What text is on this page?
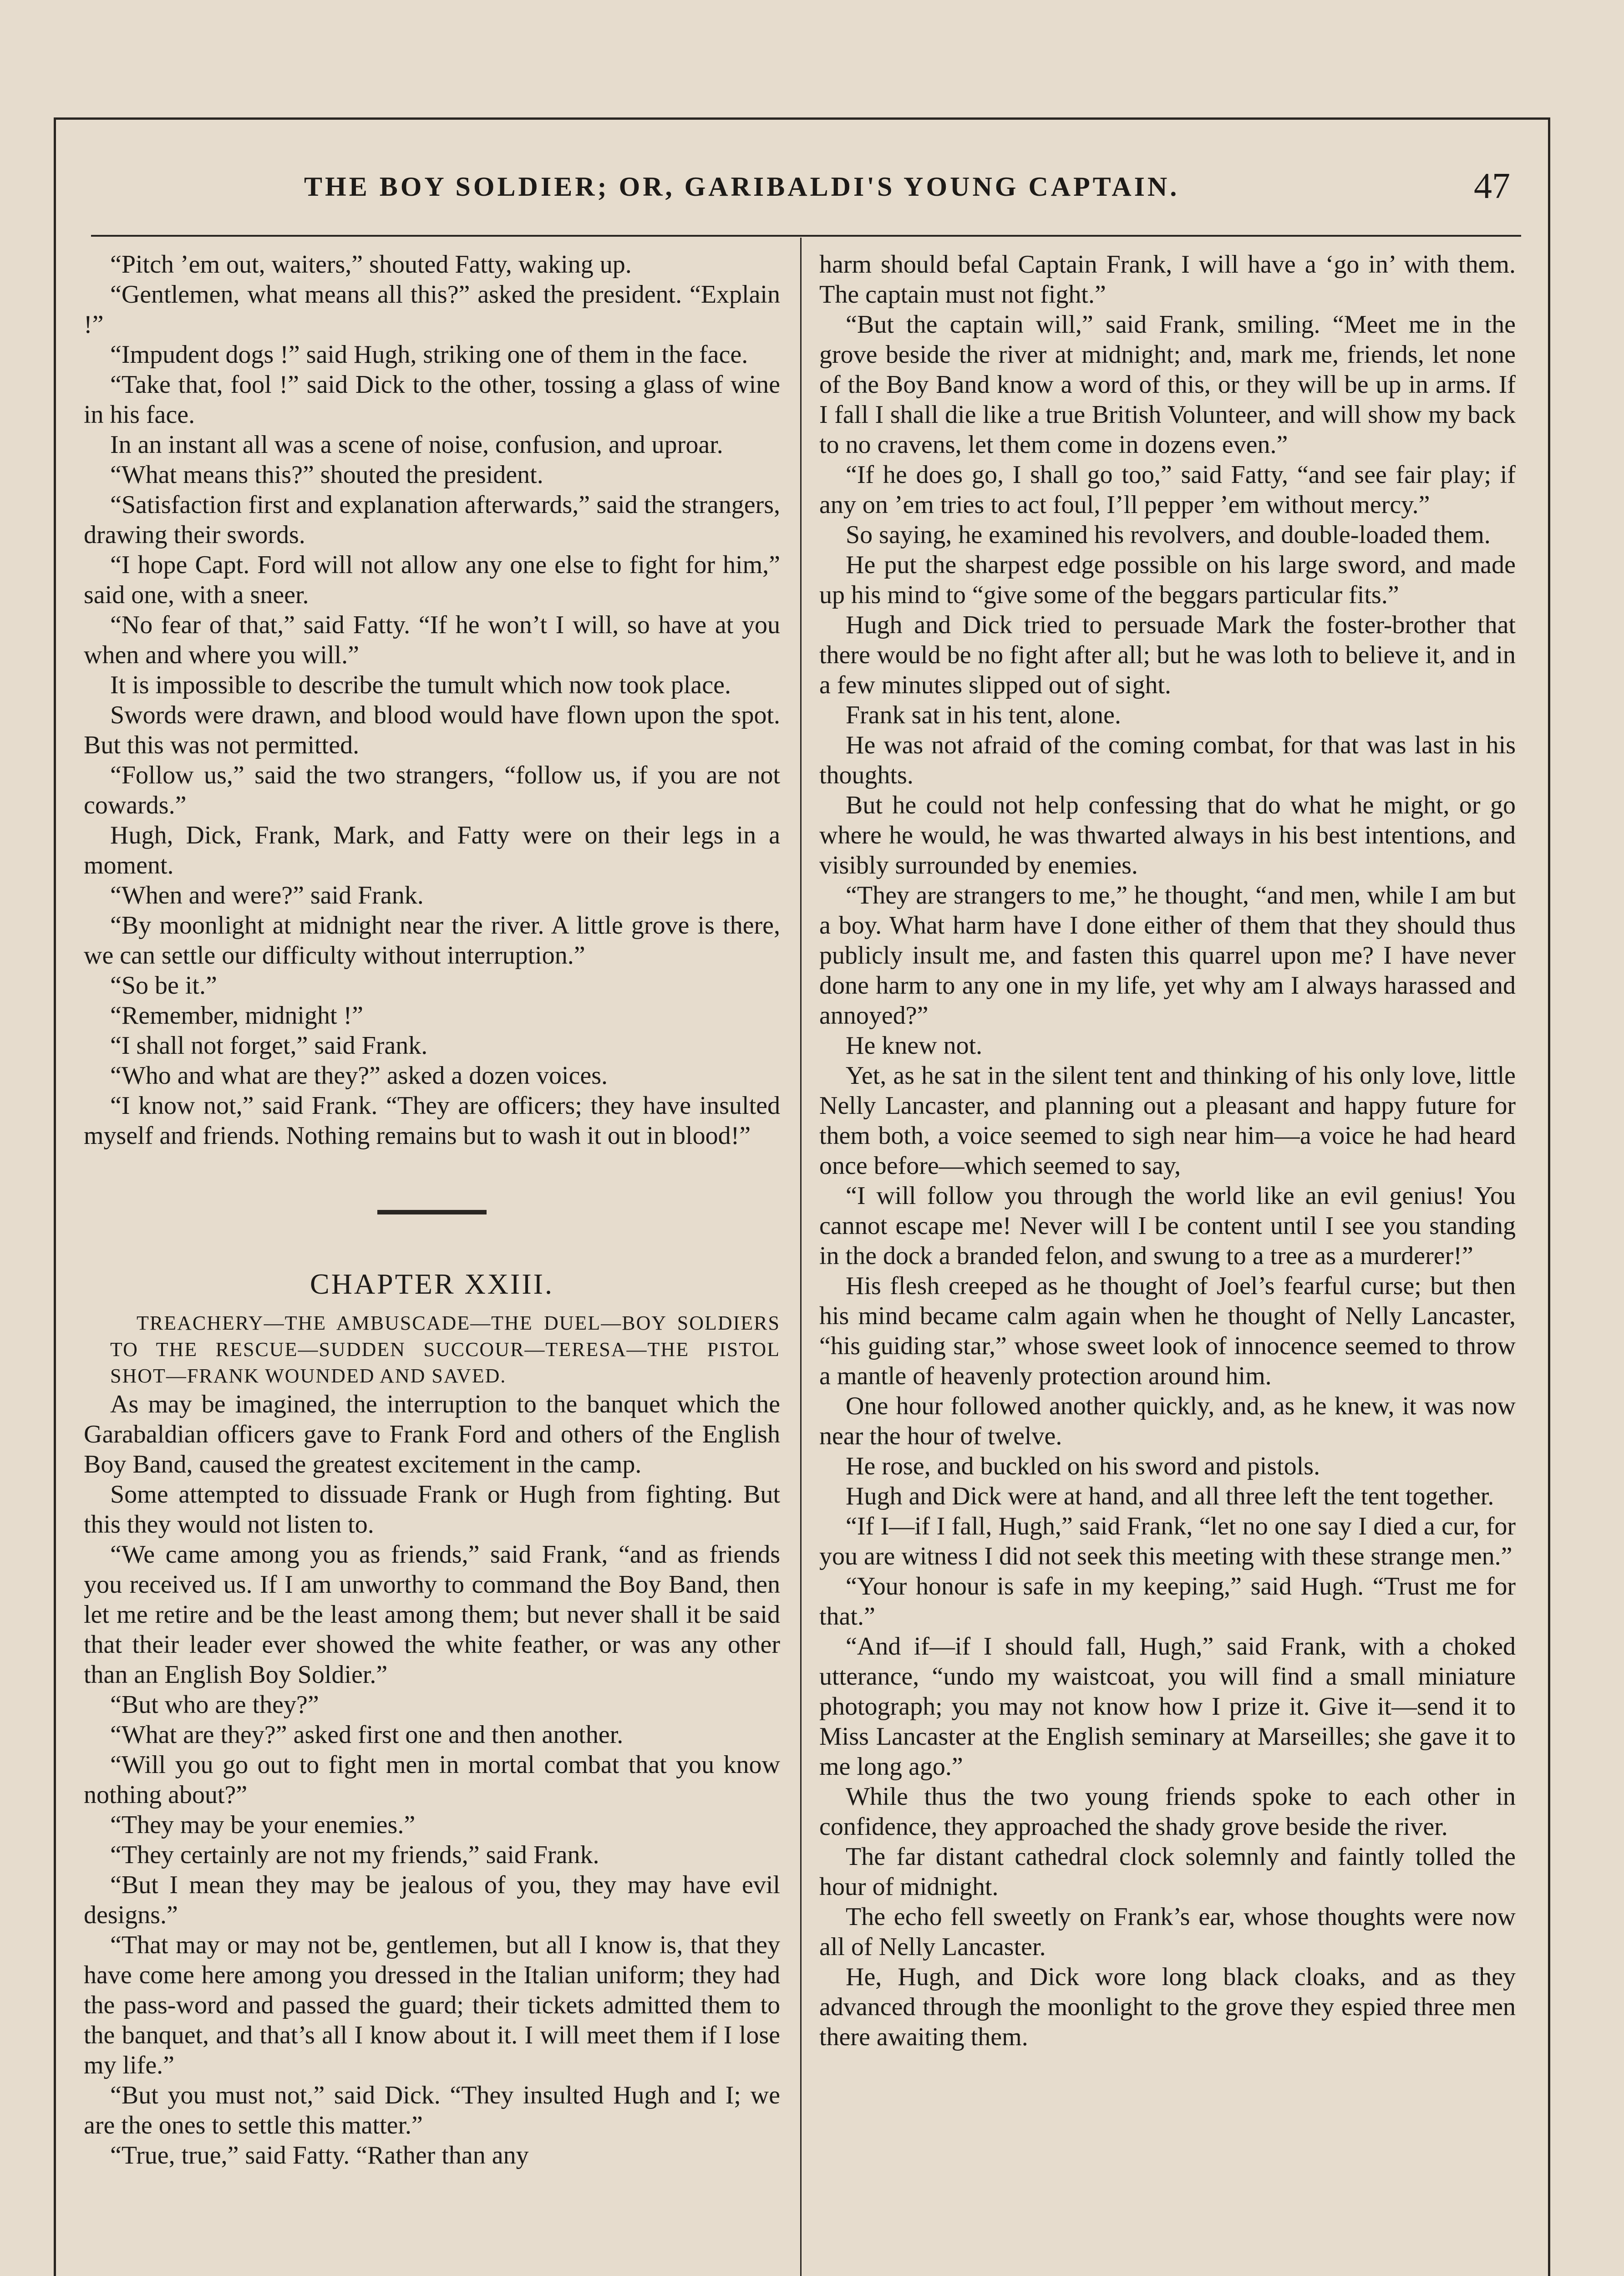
THE BOY SOLDIER; OR, GARIBALDI'S YOUNG CAPTAIN.	47

“Pitch ’em out, waiters,” shouted Fatty, waking up.

“Gentlemen, what means all this?” asked the president. “Explain !”

“Impudent dogs !” said Hugh, striking one of them in the face.

“Take that, fool !” said Dick to the other, tossing a glass of wine in his face.

In an instant all was a scene of noise, confusion, and uproar.

“What means this?” shouted the president.

“Satisfaction first and explanation afterwards,” said the strangers, drawing their swords.

“I hope Capt. Ford will not allow any one else to fight for him,” said one, with a sneer.

“No fear of that,” said Fatty. “If he won’t I will, so have at you when and where you will.”

It is impossible to describe the tumult which now took place.

Swords were drawn, and blood would have flown upon the spot. But this was not permitted.

“Follow us,” said the two strangers, “follow us, if you are not cowards.”

Hugh, Dick, Frank, Mark, and Fatty were on their legs in a moment.

“When and were?” said Frank.

“By moonlight at midnight near the river. A little grove is there, we can settle our difficulty without interruption.”

“So be it.”

“Remember, midnight !”

“I shall not forget,” said Frank.

“Who and what are they?” asked a dozen voices.

“I know not,” said Frank. “They are officers; they have insulted myself and friends. Nothing remains but to wash it out in blood!”

CHAPTER XXIII.

TREACHERY—THE AMBUSCADE—THE DUEL—BOY SOLDIERS TO THE RESCUE—SUDDEN SUCCOUR—TERESA—THE PISTOL SHOT—FRANK WOUNDED AND SAVED.

As may be imagined, the interruption to the banquet which the Garabaldian officers gave to Frank Ford and others of the English Boy Band, caused the greatest excitement in the camp.

Some attempted to dissuade Frank or Hugh from fighting. But this they would not listen to.

“We came among you as friends,” said Frank, “and as friends you received us. If I am unworthy to command the Boy Band, then let me retire and be the least among them; but never shall it be said that their leader ever showed the white feather, or was any other than an English Boy Soldier.”

“But who are they?”

“What are they?” asked first one and then another.

“Will you go out to fight men in mortal combat that you know nothing about?”

“They may be your enemies.”

“They certainly are not my friends,” said Frank.

“But I mean they may be jealous of you, they may have evil designs.”

“That may or may not be, gentlemen, but all I know is, that they have come here among you dressed in the Italian uniform; they had the pass-word and passed the guard; their tickets admitted them to the banquet, and that’s all I know about it. I will meet them if I lose my life.”

“But you must not,” said Dick. “They insulted Hugh and I; we are the ones to settle this matter.”

“True, true,” said Fatty. “Rather than any

harm should befal Captain Frank, I will have a ‘go in’ with them. The captain must not fight.”

“But the captain will,” said Frank, smiling. “Meet me in the grove beside the river at midnight; and, mark me, friends, let none of the Boy Band know a word of this, or they will be up in arms. If I fall I shall die like a true British Volunteer, and will show my back to no cravens, let them come in dozens even.”

“If he does go, I shall go too,” said Fatty, “and see fair play; if any on ’em tries to act foul, I’ll pepper ’em without mercy.”

So saying, he examined his revolvers, and double-loaded them.

He put the sharpest edge possible on his large sword, and made up his mind to “give some of the beggars particular fits.”

Hugh and Dick tried to persuade Mark the foster-brother that there would be no fight after all; but he was loth to believe it, and in a few minutes slipped out of sight.

Frank sat in his tent, alone.

He was not afraid of the coming combat, for that was last in his thoughts.

But he could not help confessing that do what he might, or go where he would, he was thwarted always in his best intentions, and visibly surrounded by enemies.

“They are strangers to me,” he thought, “and men, while I am but a boy. What harm have I done either of them that they should thus publicly insult me, and fasten this quarrel upon me? I have never done harm to any one in my life, yet why am I always harassed and annoyed?”

He knew not.

Yet, as he sat in the silent tent and thinking of his only love, little Nelly Lancaster, and planning out a pleasant and happy future for them both, a voice seemed to sigh near him—a voice he had heard once before—which seemed to say,

“I will follow you through the world like an evil genius! You cannot escape me! Never will I be content until I see you standing in the dock a branded felon, and swung to a tree as a murderer!”

His flesh creeped as he thought of Joel’s fearful curse; but then his mind became calm again when he thought of Nelly Lancaster, “his guiding star,” whose sweet look of innocence seemed to throw a mantle of heavenly protection around him.

One hour followed another quickly, and, as he knew, it was now near the hour of twelve.

He rose, and buckled on his sword and pistols.

Hugh and Dick were at hand, and all three left the tent together.

“If I—if I fall, Hugh,” said Frank, “let no one say I died a cur, for you are witness I did not seek this meeting with these strange men.”

“Your honour is safe in my keeping,” said Hugh. “Trust me for that.”

“And if—if I should fall, Hugh,” said Frank, with a choked utterance, “undo my waistcoat, you will find a small miniature photograph; you may not know how I prize it. Give it—send it to Miss Lancaster at the English seminary at Marseilles; she gave it to me long ago.”

While thus the two young friends spoke to each other in confidence, they approached the shady grove beside the river.

The far distant cathedral clock solemnly and faintly tolled the hour of midnight.

The echo fell sweetly on Frank’s ear, whose thoughts were now all of Nelly Lancaster.

He, Hugh, and Dick wore long black cloaks, and as they advanced through the moonlight to the grove they espied three men there awaiting them.
